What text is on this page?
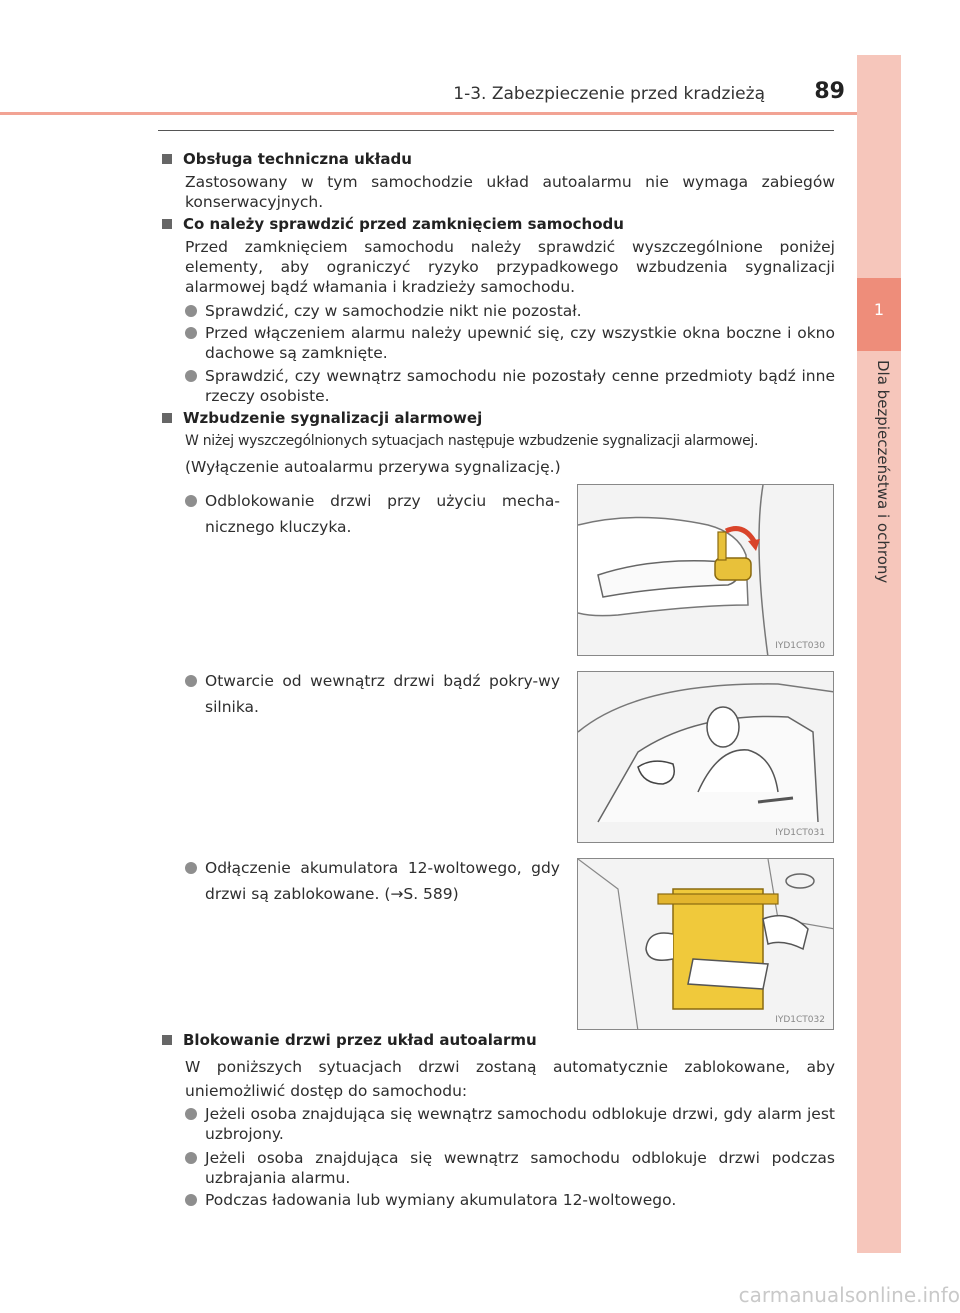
1
Dla bezpieczeństwa i ochrony
1-3. Zabezpieczenie przed kradzieżą	89
Obsługa techniczna układu
Zastosowany w tym samochodzie układ autoalarmu nie wymaga zabiegów konserwacyjnych.
Co należy sprawdzić przed zamknięciem samochodu
Przed zamknięciem samochodu należy sprawdzić wyszczególnione poniżej elementy, aby ograniczyć ryzyko przypadkowego wzbudzenia sygnalizacji alarmowej bądź włamania i kradzieży samochodu.
Sprawdzić, czy w samochodzie nikt nie pozostał.
Przed włączeniem alarmu należy upewnić się, czy wszystkie okna boczne i okno dachowe są zamknięte.
Sprawdzić, czy wewnątrz samochodu nie pozostały cenne przedmioty bądź inne rzeczy osobiste.
Wzbudzenie sygnalizacji alarmowej
W niżej wyszczególnionych sytuacjach następuje wzbudzenie sygnalizacji alarmowej.
(Wyłączenie autoalarmu przerywa sygnalizację.)
Odblokowanie drzwi przy użyciu mecha-nicznego kluczyka.
IYD1CT030
Otwarcie od wewnątrz drzwi bądź pokry-wy silnika.
IYD1CT031
Odłączenie akumulatora 12-woltowego, gdy drzwi są zablokowane. (→S. 589)
IYD1CT032
Blokowanie drzwi przez układ autoalarmu
W poniższych sytuacjach drzwi zostaną automatycznie zablokowane, aby uniemożliwić dostęp do samochodu:
Jeżeli osoba znajdująca się wewnątrz samochodu odblokuje drzwi, gdy alarm jest uzbrojony.
Jeżeli osoba znajdująca się wewnątrz samochodu odblokuje drzwi podczas uzbrajania alarmu.
Podczas ładowania lub wymiany akumulatora 12-woltowego.
carmanualsonline.info
